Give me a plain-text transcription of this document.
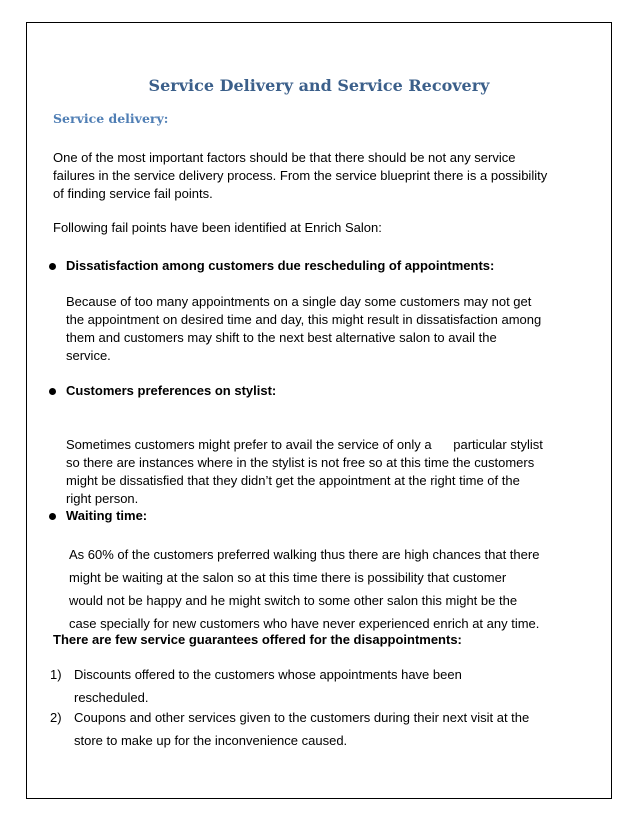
Service Delivery and Service Recovery
Service delivery:

One of the most important factors should be that there should be not any service
failures in the service delivery process. From the service blueprint there is a possibility
of finding service fail points.

Following fail points have been identified at Enrich Salon:

Dissatisfaction among customers due rescheduling of appointments:

Because of too many appointments on a single day some customers may not get
the appointment on desired time and day, this might result in dissatisfaction among
them and customers may shift to the next best alternative salon to avail the
service.

Customers preferences on stylist:

Sometimes customers might prefer to avail the service of only a      particular stylist
so there are instances where in the stylist is not free so at this time the customers
might be dissatisfied that they didn’t get the appointment at the right time of the
right person.

Waiting time:

As 60% of the customers preferred walking thus there are high chances that there
might be waiting at the salon so at this time there is possibility that customer
would not be happy and he might switch to some other salon this might be the
case specially for new customers who have never experienced enrich at any time.

There are few service guarantees offered for the disappointments:
1) Discounts offered to the customers whose appointments have been
rescheduled.
2) Coupons and other services given to the customers during their next visit at the
store to make up for the inconvenience caused.
